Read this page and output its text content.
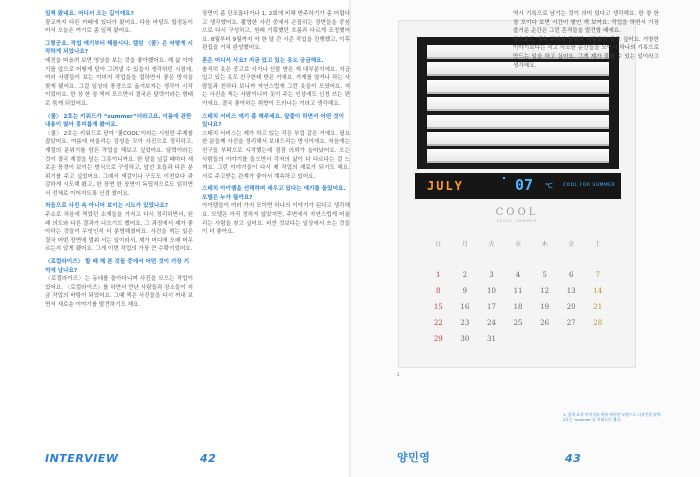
일찍 왔네요. 어디서 오는 길이에요?

광교까지 다른 카페에 있다가 왔어요. 다음 마당도 합정동이어서 오늘은 여기로 좀 일찍 왔어요.

그렇군요. 작업 얘기부터 해봅시다. 캘린 〈쿨〉은 어떻게 시작하게 되었나요?

예전을 떠올려 보면 영상을 보는 것을 좋아했어요. 제 삶 이야기를 앞으로 어떻게 담아 그려낼 수 있을지 생각하던 시점에, 여러 사람들이 보는 이미지 작업들을 접하면서 좋은 방식을 찾게 됐어요. 그걸 일상의 풍경으로 옮겨보자는 생각이 시작이었어요. 한 장 한 장 찍어 모으면서 결국은 달력이라는 형태로 묶게 되었어요.

〈쿨〉 2호는 키워드가 “summer”더라고요. 이름에 관한 내용이 많아 흥미롭게 봤어요.

〈쿨〉 2호는 키워드로 닫아 ‘쿨COOL’이라는 시원한 주제를 잡았어요. 여름에 어울리는 감성을 모아 사진으로 정리하고, 계절의 분위기를 담은 작업을 해보고 싶었어요. 달력이라는 것이 결국 계절을 담는 그릇이니까요. 한 달을 넘길 때마다 새로운 풍경이 보이는 방식으로 구성하고, 앞선 호들과 다른 분위기를 주고 싶었어요. 그래서 색감이나 구도도 이전보다 과감하게 시도해 봤고, 한 장면 한 장면이 독립적으로도 읽히면서 전체로 이어지도록 신경 썼어요.

처음으로 사진 속 아니어 보이는 시도가 있었나요?

주소로 처음에 찍었던 소재들을 가지고 다시 정리하면서, 원래 의도와 다른 결과가 나오기도 했어요. 그 과정에서 제가 좋아하는 것들이 무엇인지 더 분명해졌어요. 사진을 찍는 일은 결국 어떤 장면에 멈춰 서는 일이라서, 제가 어디에 오래 머무르는지 알게 됐어요. 그게 이번 작업의 가장 큰 수확이었어요.

〈로컬라이즈〉 할 때 해 본 것들 중에서 어떤 것이 가장 기억에 남나요?

〈로컬라이즈〉는 동네를 돌아다니며 사진을 모으는 작업이었어요. 〈로컬라이즈〉를 하면서 만난 사람들과 장소들이 지금 작업의 바탕이 되었어요. 그때 찍은 사진들을 다시 꺼내 보면서 새로운 이야기를 발견하기도 해요.

장면이 좀 단조롭다거나 1, 2회에 비해 변주하기가 좀 어렵다고 생각했어요. 촬영한 사진 중에서 손꼽히는 장면들을 중심으로 다시 구성하고, 원래 기획했던 흐름과 다르게 조정했어요. 8월부터 9월까지 약 한 달 간 시즌 작업을 진행했고, 이후 편집을 거쳐 완성했어요.

혼은 어디서 사요? 지금 있고 있는 옷도 궁금해요.

솔직히 옷은 중고로 사거나 선물 받은 게 대부분이에요. 지금 입고 있는 옷도 친구한테 받은 거예요. 가게를 열거나 하는 사람들과 친하다 보니까 자연스럽게 그런 옷들이 모였어요. 저는 사진을 찍는 사람이니까 옷이 주는 인상에도 신경 쓰는 편이에요. 결국 좋아하는 취향이 드러나는 거라고 생각해요.

스태치 서비스 얘기 좀 해주세요. 앞줄이 하면서 어떤 것이 있나요?

스태치 서비스는 제가 하고 있는 작은 부업 같은 거예요. 필요한 분들께 사진을 정리해서 보내드리는 방식이에요. 처음에는 친구들 부탁으로 시작했는데 점점 의뢰가 늘어났어요. 오는 사람들의 이야기를 들으면서 각자의 삶이 다 다르다는 걸 느껴요. 그런 이야기들이 다시 제 작업의 재료가 되기도 해요. 서로 주고받는 관계가 좋아서 계속하고 있어요.

스태치 아이템을 선택하며 세우고 있다는 얘기를 들었어요. 모델은 누가 될까요?

아이템들이 여러 가지 모이면 하나의 이야기가 된다고 생각해요. 모델은 아직 정하지 않았지만, 주변에서 자연스럽게 어울리는 사람을 찾고 싶어요. 비싼 것보다는 일상에서 쓰는 것들이 더 좋아요.

JULY	07 ℃ COOL FOR SUMMER
COOL
SEOUL SUMMER
日	月	火	水	木	金	土
1	2	3	4	5	6	7
8	9	10	11	12	13	14
15	16	17	18	19	20	21
22	23	24	25	26	27	28
29	30	31
1

역시 기록으로 남기는 것이 의미 있다고 생각해요. 한 장 한 장 모이다 보면 시간이 쌓인 게 보여요. 작업을 하면서 가장 즐거운 순간은 그런 흔적들을 발견할 때예요.

앞으로도 계속 주변의 풍경과 사람들을 담고 싶어요. 거창한 이야기보다는 작고 사소한 순간들을 모아서 하나의 기록으로 만드는 일을 하고 싶어요. 그게 제가 잘할 수 있는 일이라고 생각해요.

1. 쿨의 표지 이미지를 여름 에어컨 모양으로 디자인한 달력. 2호는 ‘summer’를 키워드로 했다.
INTERVIEW	42	양민영	43
